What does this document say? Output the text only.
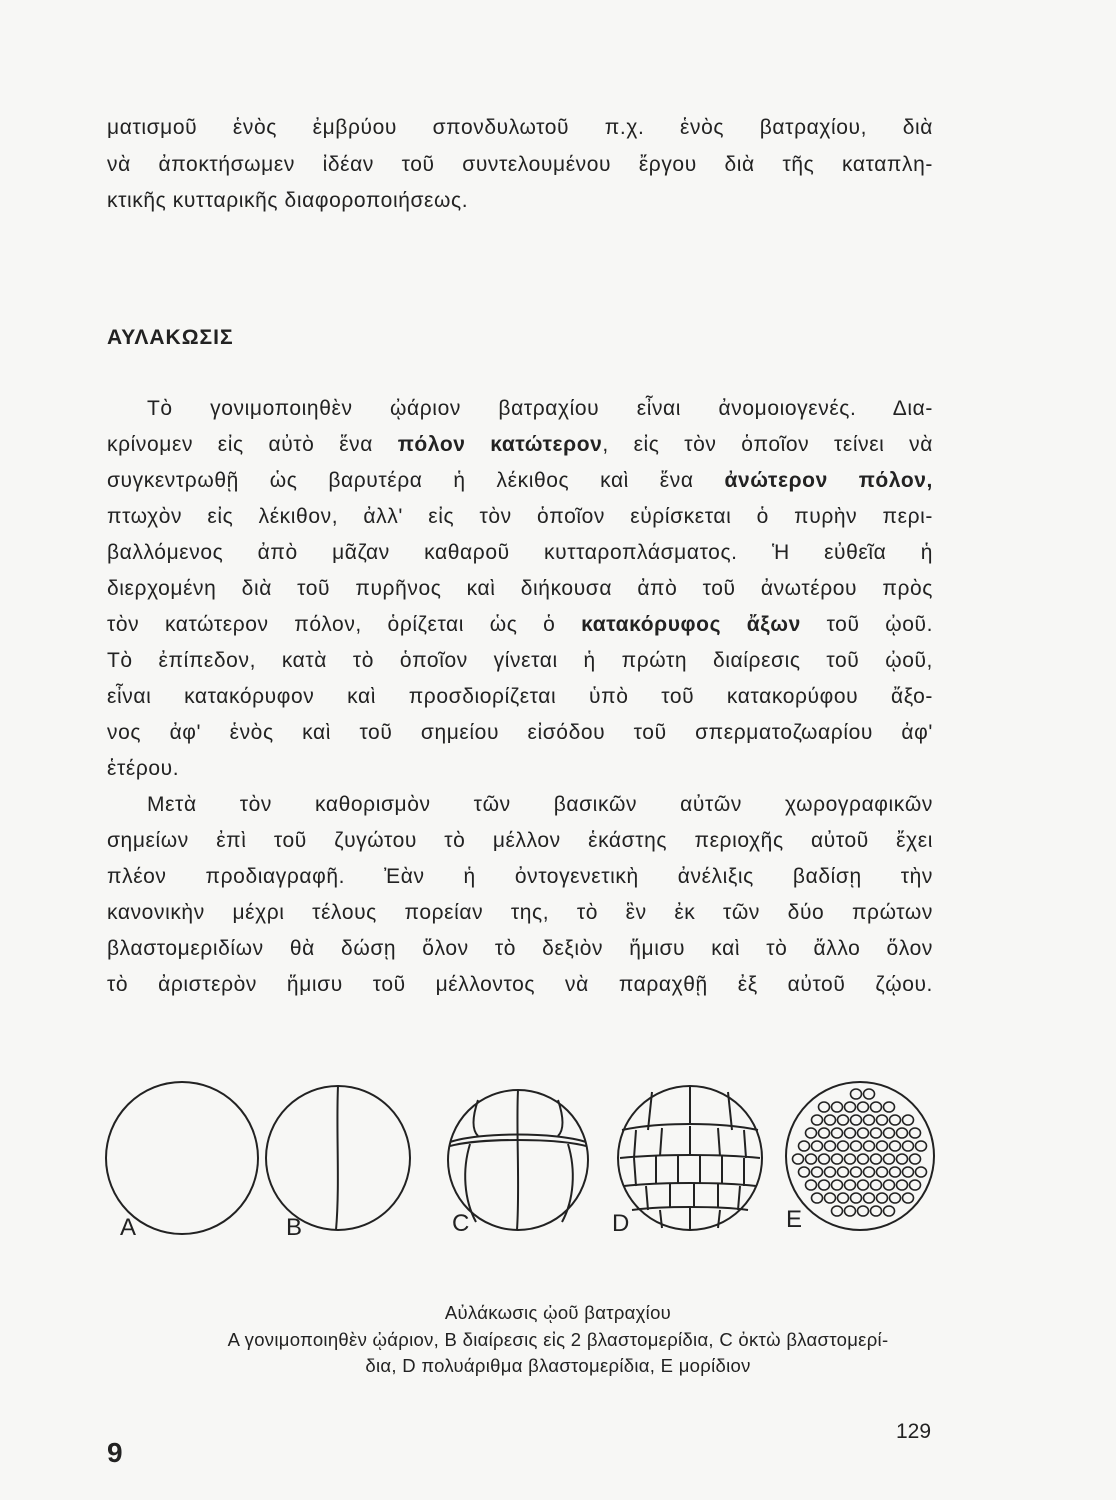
ματισμοῦ ἑνὸς ἐμβρύου σπονδυλωτοῦ π.χ. ἑνὸς βατραχίου, διὰ
νὰ ἀποκτήσωμεν ἰδέαν τοῦ συντελουμένου ἔργου διὰ τῆς καταπλη-
κτικῆς κυτταρικῆς διαφοροποιήσεως.
ΑΥΛΑΚΩΣΙΣ
Τὸ γονιμοποιηθὲν ᾠάριον βατραχίου εἶναι ἀνομοιογενές. Δια-
κρίνομεν εἰς αὐτὸ ἕνα πόλον κατώτερον, εἰς τὸν ὁποῖον τείνει νὰ
συγκεντρωθῇ ὡς βαρυτέρα ἡ λέκιθος καὶ ἕνα ἀνώτερον πόλον,
πτωχὸν εἰς λέκιθον, ἀλλ' εἰς τὸν ὁποῖον εὑρίσκεται ὁ πυρὴν περι-
βαλλόμενος ἀπὸ μᾶζαν καθαροῦ κυτταροπλάσματος. Ἡ εὐθεῖα ἡ
διερχομένη διὰ τοῦ πυρῆνος καὶ διήκουσα ἀπὸ τοῦ ἀνωτέρου πρὸς
τὸν κατώτερον πόλον, ὁρίζεται ὡς ὁ κατακόρυφος ἄξων τοῦ ᾠοῦ.
Τὸ ἐπίπεδον, κατὰ τὸ ὁποῖον γίνεται ἡ πρώτη διαίρεσις τοῦ ᾠοῦ,
εἶναι κατακόρυφον καὶ προσδιορίζεται ὑπὸ τοῦ κατακορύφου ἄξο-
νος ἀφ' ἑνὸς καὶ τοῦ σημείου εἰσόδου τοῦ σπερματοζωαρίου ἀφ'
ἑτέρου.
Μετὰ τὸν καθορισμὸν τῶν βασικῶν αὐτῶν χωρογραφικῶν
σημείων ἐπὶ τοῦ ζυγώτου τὸ μέλλον ἑκάστης περιοχῆς αὐτοῦ ἔχει
πλέον προδιαγραφῆ. Ἐὰν ἡ ὀντογενετικὴ ἀνέλιξις βαδίσῃ τὴν
κανονικὴν μέχρι τέλους πορείαν της, τὸ ἓν ἐκ τῶν δύο πρώτων
βλαστομεριδίων θὰ δώσῃ ὅλον τὸ δεξιὸν ἥμισυ καὶ τὸ ἄλλο ὅλον
τὸ ἀριστερὸν ἥμισυ τοῦ μέλλοντος νὰ παραχθῇ ἐξ αὐτοῦ ζῴου.
A	B	C	D	E
Αὐλάκωσις ᾠοῦ βατραχίου
A γονιμοποιηθὲν ᾠάριον, B διαίρεσις εἰς 2 βλαστομερίδια, C ὀκτὼ βλαστομερί-
δια, D πολυάριθμα βλαστομερίδια, E μορίδιον
129
9
